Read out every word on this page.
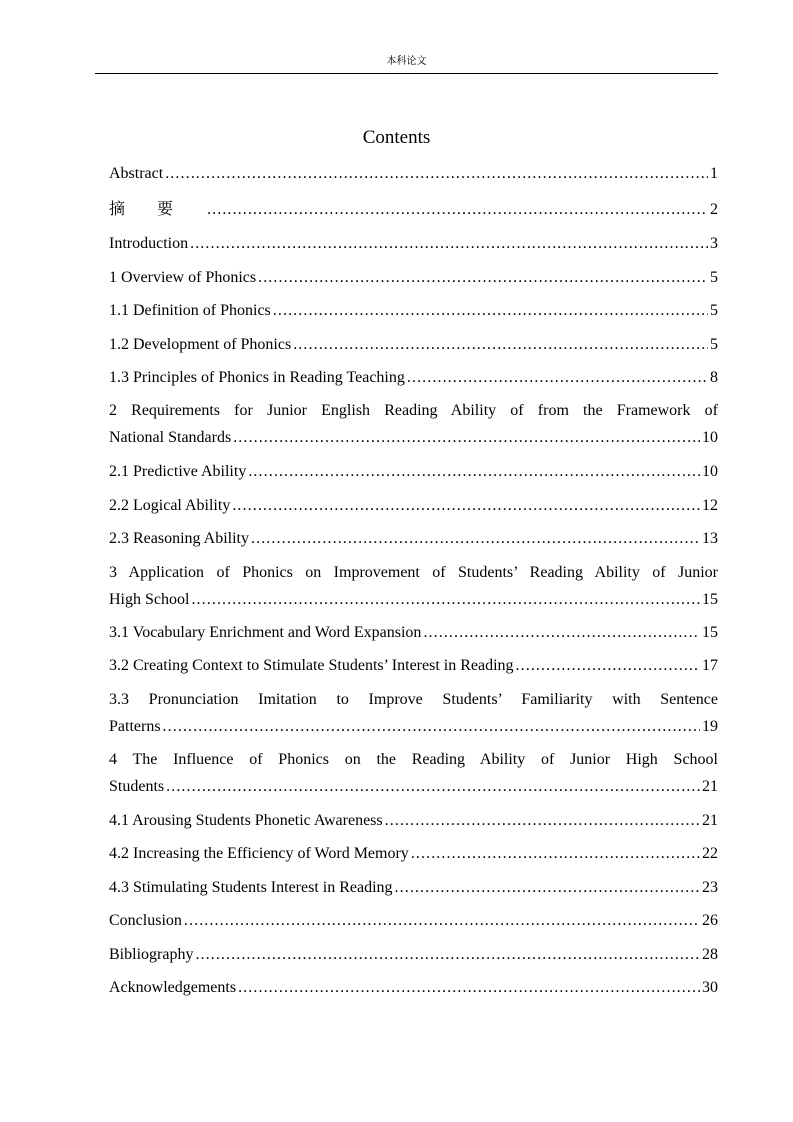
本科论文
Contents
Abstract .....	1
摘要 .....	2
Introduction .....	3
1 Overview of Phonics .....	5
1.1 Definition of Phonics .....	5
1.2 Development of Phonics .....	5
1.3 Principles of Phonics in Reading Teaching .....	8
2 Requirements for Junior English Reading Ability of from the Framework of
National Standards .....	10
2.1 Predictive Ability .....	10
2.2 Logical Ability .....	12
2.3 Reasoning Ability .....	13
3 Application of Phonics on Improvement of Students’ Reading Ability of Junior
High School .....	15
3.1 Vocabulary Enrichment and Word Expansion .....	15
3.2 Creating Context to Stimulate Students’ Interest in Reading .....	17
3.3 Pronunciation Imitation to Improve Students’ Familiarity with Sentence
Patterns .....	19
4 The Influence of Phonics on the Reading Ability of Junior High School
Students .....	21
4.1 Arousing Students Phonetic Awareness .....	21
4.2 Increasing the Efficiency of Word Memory .....	22
4.3 Stimulating Students Interest in Reading .....	23
Conclusion .....	26
Bibliography .....	28
Acknowledgements .....	30
